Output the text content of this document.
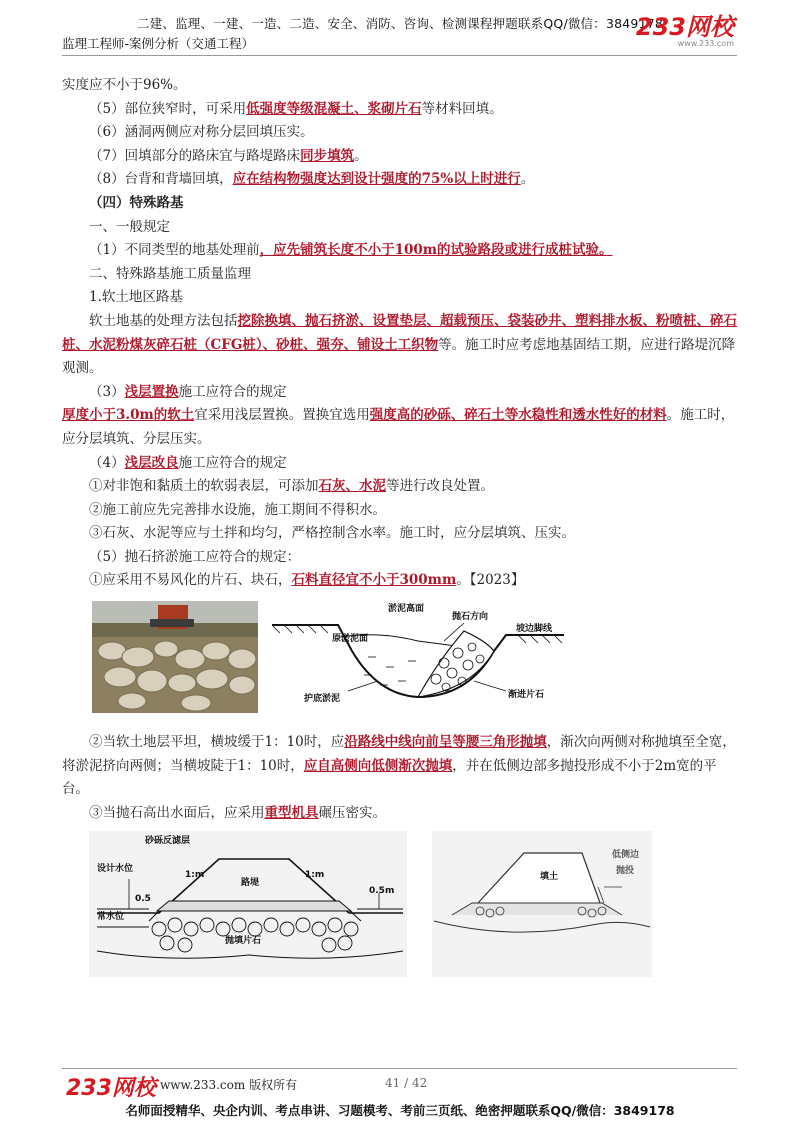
二建、监理、一建、一造、二造、安全、消防、咨询、检测课程押题联系QQ/微信：3849178
监理工程师-案例分析（交通工程）
233网校
www.233.com

实度应不小于96%。

（5）部位狭窄时，可采用低强度等级混凝土、浆砌片石等材料回填。

（6）涵洞两侧应对称分层回填压实。

（7）回填部分的路床宜与路堤路床同步填筑。

（8）台背和背墙回填，应在结构物强度达到设计强度的75%以上时进行。

（四）特殊路基

一、一般规定

（1）不同类型的地基处理前，应先铺筑长度不小于100m的试验路段或进行成桩试验。

二、特殊路基施工质量监理

1.软土地区路基

软土地基的处理方法包括挖除换填、抛石挤淤、设置垫层、超载预压、袋装砂井、塑料排水板、粉喷桩、碎石桩、水泥粉煤灰碎石桩（CFG桩）、砂桩、强夯、铺设土工织物等。施工时应考虑地基固结工期，应进行路堤沉降观测。

（3）浅层置换施工应符合的规定

厚度小于3.0m的软土宜采用浅层置换。置换宜选用强度高的砂砾、碎石土等水稳性和透水性好的材料。施工时，应分层填筑、分层压实。

（4）浅层改良施工应符合的规定

①对非饱和黏质土的软弱表层，可添加石灰、水泥等进行改良处置。

②施工前应先完善排水设施，施工期间不得积水。

③石灰、水泥等应与土拌和均匀，严格控制含水率。施工时，应分层填筑、压实。

（5）抛石挤淤施工应符合的规定：

①应采用不易风化的片石、块石，石料直径宜不小于300mm。【2023】

淤泥高面
原淤泥面
抛石方向
坡边脚线
护底淤泥	渐进片石

②当软土地层平坦，横坡缓于1：10时，应沿路线中线向前呈等腰三角形抛填，渐次向两侧对称抛填至全宽，将淤泥挤向两侧；当横坡陡于1：10时，应自高侧向低侧渐次抛填，并在低侧边部多抛投形成不小于2m宽的平台。

③当抛石高出水面后，应采用重型机具碾压密实。

砂砾反滤层
设计水位
常水位
路堤
抛填片石
0.5
0.5m
1:m	1:m	填土
低侧边
抛投
233网校 www.233.com 版权所有	41 / 42
名师面授精华、央企内训、考点串讲、习题模考、考前三页纸、绝密押题联系QQ/微信：3849178
